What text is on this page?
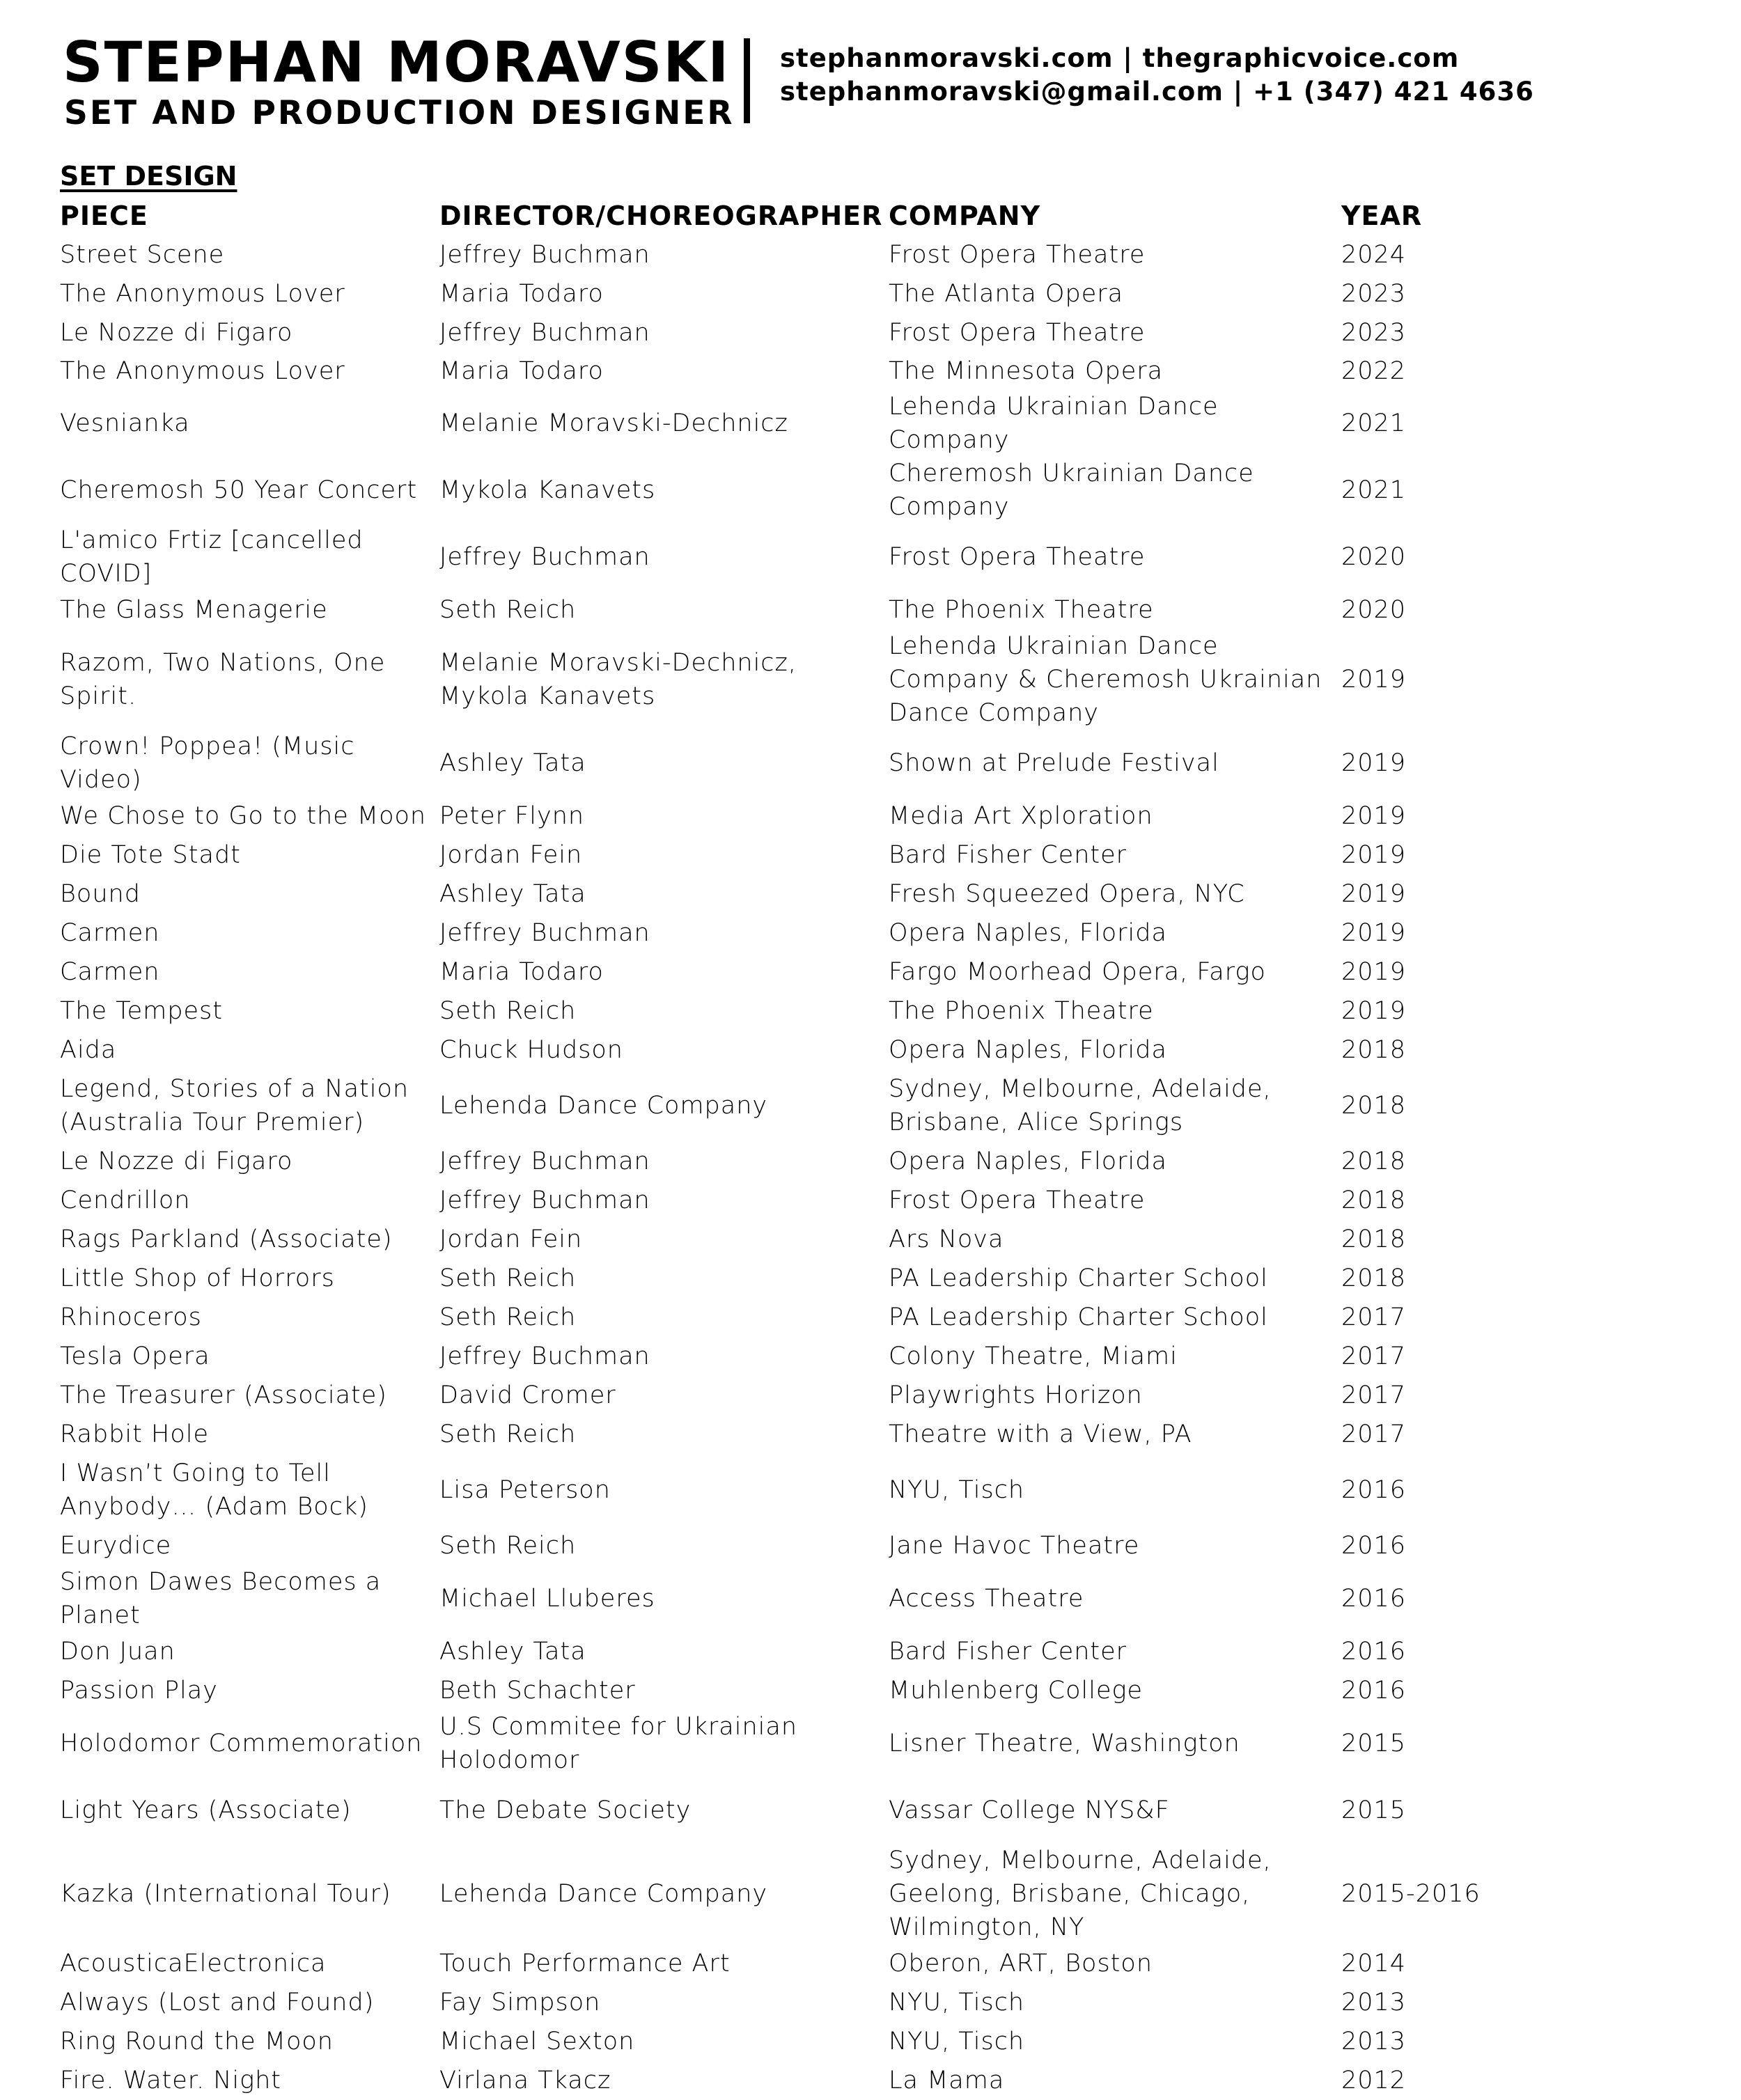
STEPHAN MORAVSKI
SET AND PRODUCTION DESIGNER
stephanmoravski.com | thegraphicvoice.com
stephanmoravski@gmail.com | +1 (347) 421 4636
SET DESIGN
PIECE	DIRECTOR/CHOREOGRAPHER	COMPANY	YEAR
Street Scene	Jeffrey Buchman	Frost Opera Theatre	2024
The Anonymous Lover	Maria Todaro	The Atlanta Opera	2023
Le Nozze di Figaro	Jeffrey Buchman	Frost Opera Theatre	2023
The Anonymous Lover	Maria Todaro	The Minnesota Opera	2022
Vesnianka	Melanie Moravski-Dechnicz	Lehenda Ukrainian Dance Company	2021
Cheremosh 50 Year Concert	Mykola Kanavets	Cheremosh Ukrainian Dance Company	2021
L'amico Frtiz [cancelled COVID]	Jeffrey Buchman	Frost Opera Theatre	2020
The Glass Menagerie	Seth Reich	The Phoenix Theatre	2020
Razom, Two Nations, One Spirit.	Melanie Moravski-Dechnicz, Mykola Kanavets	Lehenda Ukrainian Dance Company & Cheremosh Ukrainian Dance Company	2019
Crown! Poppea! (Music Video)	Ashley Tata	Shown at Prelude Festival	2019
We Chose to Go to the Moon	Peter Flynn	Media Art Xploration	2019
Die Tote Stadt	Jordan Fein	Bard Fisher Center	2019
Bound	Ashley Tata	Fresh Squeezed Opera, NYC	2019
Carmen	Jeffrey Buchman	Opera Naples, Florida	2019
Carmen	Maria Todaro	Fargo Moorhead Opera, Fargo	2019
The Tempest	Seth Reich	The Phoenix Theatre	2019
Aida	Chuck Hudson	Opera Naples, Florida	2018
Legend, Stories of a Nation (Australia Tour Premier)	Lehenda Dance Company	Sydney, Melbourne, Adelaide, Brisbane, Alice Springs	2018
Le Nozze di Figaro	Jeffrey Buchman	Opera Naples, Florida	2018
Cendrillon	Jeffrey Buchman	Frost Opera Theatre	2018
Rags Parkland (Associate)	Jordan Fein	Ars Nova	2018
Little Shop of Horrors	Seth Reich	PA Leadership Charter School	2018
Rhinoceros	Seth Reich	PA Leadership Charter School	2017
Tesla Opera	Jeffrey Buchman	Colony Theatre, Miami	2017
The Treasurer (Associate)	David Cromer	Playwrights Horizon	2017
Rabbit Hole	Seth Reich	Theatre with a View, PA	2017
I Wasn’t Going to Tell Anybody… (Adam Bock)	Lisa Peterson	NYU, Tisch	2016
Eurydice	Seth Reich	Jane Havoc Theatre	2016
Simon Dawes Becomes a Planet	Michael Lluberes	Access Theatre	2016
Don Juan	Ashley Tata	Bard Fisher Center	2016
Passion Play	Beth Schachter	Muhlenberg College	2016
Holodomor Commemoration	U.S Commitee for Ukrainian Holodomor	Lisner Theatre, Washington	2015
Light Years (Associate)	The Debate Society	Vassar College NYS&F	2015
Kazka (International Tour)	Lehenda Dance Company	Sydney, Melbourne, Adelaide, Geelong, Brisbane, Chicago, Wilmington, NY	2015-2016
AcousticaElectronica	Touch Performance Art	Oberon, ART, Boston	2014
Always (Lost and Found)	Fay Simpson	NYU, Tisch	2013
Ring Round the Moon	Michael Sexton	NYU, Tisch	2013
Fire. Water. Night	Virlana Tkacz	La Mama	2012
